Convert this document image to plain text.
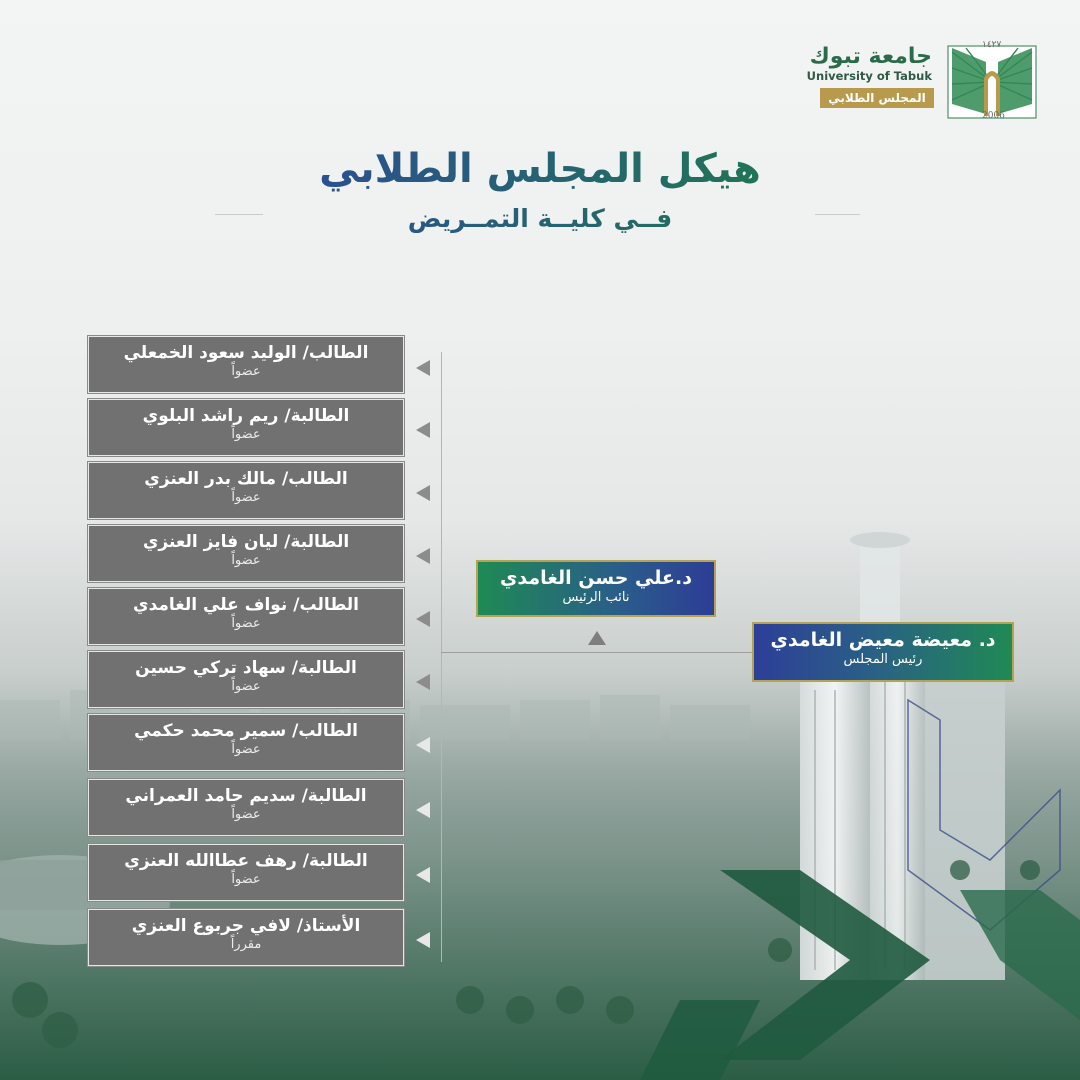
١٤٢٧
2006
جامعة تبوك
University of Tabuk
المجلس الطلابي
هيكل المجلس الطلابي
فــي كليــة التمــريض
الطالب/ الوليد سعود الخمعلي
عضواً
الطالبة/ ريم راشد البلوي
عضواً
الطالب/ مالك بدر العنزي
عضواً
الطالبة/ ليان فايز العنزي
عضواً
الطالب/ نواف علي الغامدي
عضواً
الطالبة/ سهاد تركي حسين
عضواً
الطالب/ سمير محمد حكمي
عضواً
الطالبة/ سديم حامد العمراني
عضواً
الطالبة/ رهف عطاالله العنزي
عضواً
الأستاذ/ لافي جربوع العنزي
مقرراً
د.علي حسن الغامدي
نائب الرئيس
د. معيضة معيض الغامدي
رئيس المجلس
